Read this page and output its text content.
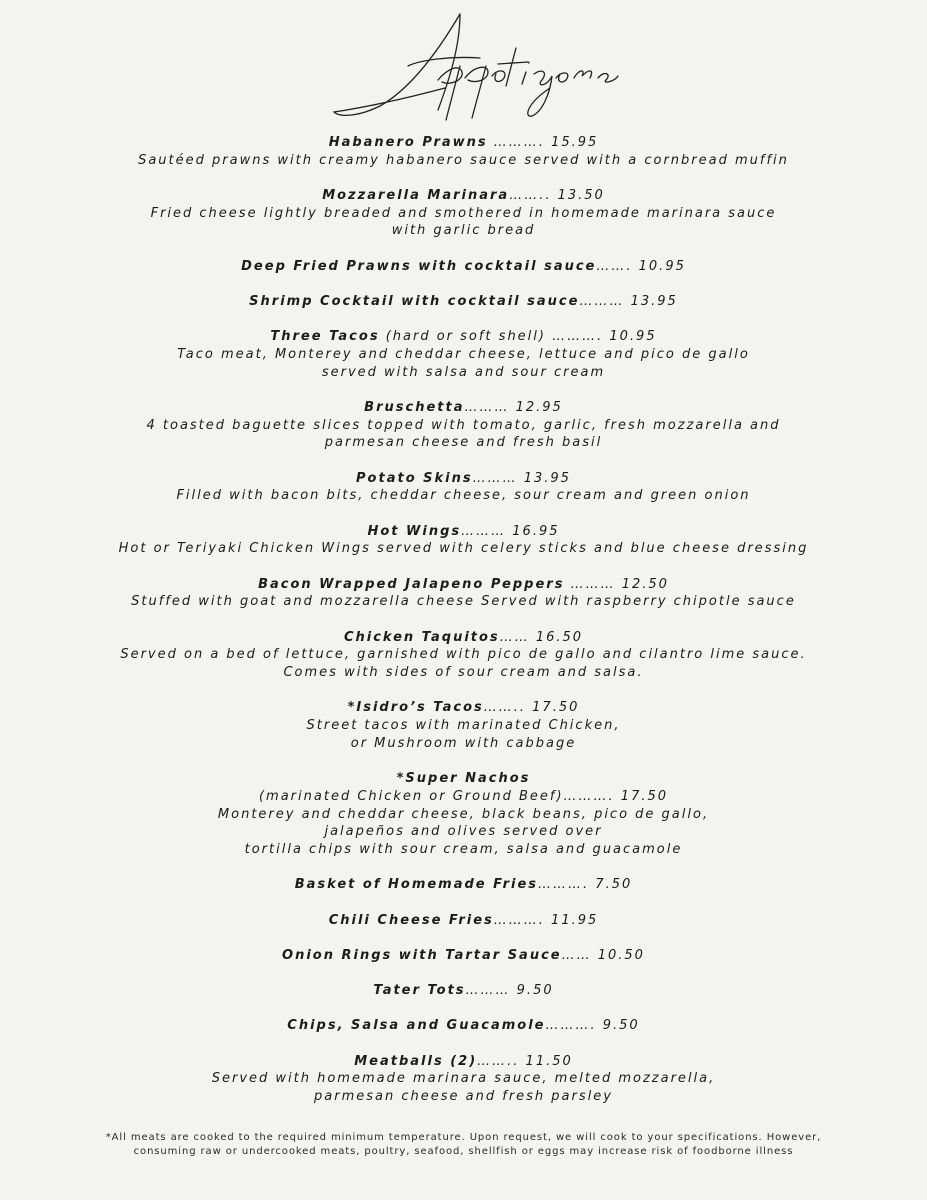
Habanero Prawns ………. 15.95
Sautéed prawns with creamy habanero sauce served with a cornbread muffin
Mozzarella Marinara…….. 13.50
Fried cheese lightly breaded and smothered in homemade marinara sauce
with garlic bread
Deep Fried Prawns with cocktail sauce……. 10.95
Shrimp Cocktail with cocktail sauce……… 13.95
Three Tacos (hard or soft shell) ………. 10.95
Taco meat, Monterey and cheddar cheese, lettuce and pico de gallo
served with salsa and sour cream
Bruschetta……… 12.95
4 toasted baguette slices topped with tomato, garlic, fresh mozzarella and
parmesan cheese and fresh basil
Potato Skins……… 13.95
Filled with bacon bits, cheddar cheese, sour cream and green onion
Hot Wings……… 16.95
Hot or Teriyaki Chicken Wings served with celery sticks and blue cheese dressing
Bacon Wrapped Jalapeno Peppers ……… 12.50
Stuffed with goat and mozzarella cheese Served with raspberry chipotle sauce
Chicken Taquitos…… 16.50
Served on a bed of lettuce, garnished with pico de gallo and cilantro lime sauce.
Comes with sides of sour cream and salsa.
*Isidro’s Tacos…….. 17.50
Street tacos with marinated Chicken,
or Mushroom with cabbage
*Super Nachos
(marinated Chicken or Ground Beef)………. 17.50
Monterey and cheddar cheese, black beans, pico de gallo,
jalapeños and olives served over
tortilla chips with sour cream, salsa and guacamole
Basket of Homemade Fries………. 7.50
Chili Cheese Fries………. 11.95
Onion Rings with Tartar Sauce…… 10.50
Tater Tots……… 9.50
Chips, Salsa and Guacamole………. 9.50
Meatballs (2)…….. 11.50
Served with homemade marinara sauce, melted mozzarella,
parmesan cheese and fresh parsley
*All meats are cooked to the required minimum temperature. Upon request, we will cook to your specifications. However,
consuming raw or undercooked meats, poultry, seafood, shellfish or eggs may increase risk of foodborne illness
